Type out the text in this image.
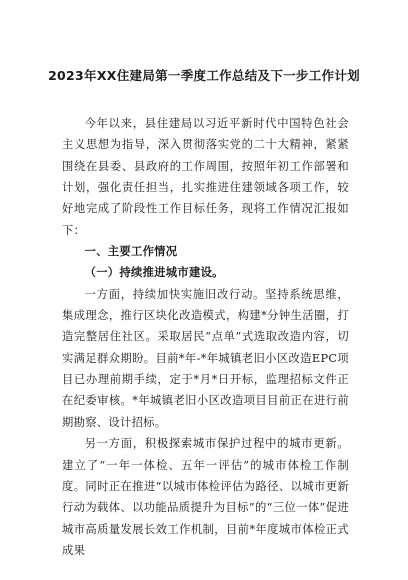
2023年XX住建局第一季度工作总结及下一步工作计划

今年以来，县住建局以习近平新时代中国特色社会主义思想为指导，深入贯彻落实党的二十大精神，紧紧围绕在县委、县政府的工作周围，按照年初工作部署和计划，强化责任担当，扎实推进住建领域各项工作，较好地完成了阶段性工作目标任务，现将工作情况汇报如下：

一、主要工作情况

（一）持续推进城市建设。

一方面，持续加快实施旧改行动。坚持系统思维，集成理念，推行区块化改造模式，构建*分钟生活圈，打造完整居住社区。采取居民“点单”式选取改造内容，切实满足群众期盼。目前*年-*年城镇老旧小区改造EPC项目已办理前期手续，定于*月*日开标，监理招标文件正在纪委审核。*年城镇老旧小区改造项目目前正在进行前期勘察、设计招标。

另一方面，积极探索城市保护过程中的城市更新。建立了“一年一体检、五年一评估”的城市体检工作制度。同时正在推进“以城市体检评估为路径、以城市更新行动为载体、以功能品质提升为目标”的“三位一体”促进城市高质量发展长效工作机制，目前*年度城市体检正式成果
